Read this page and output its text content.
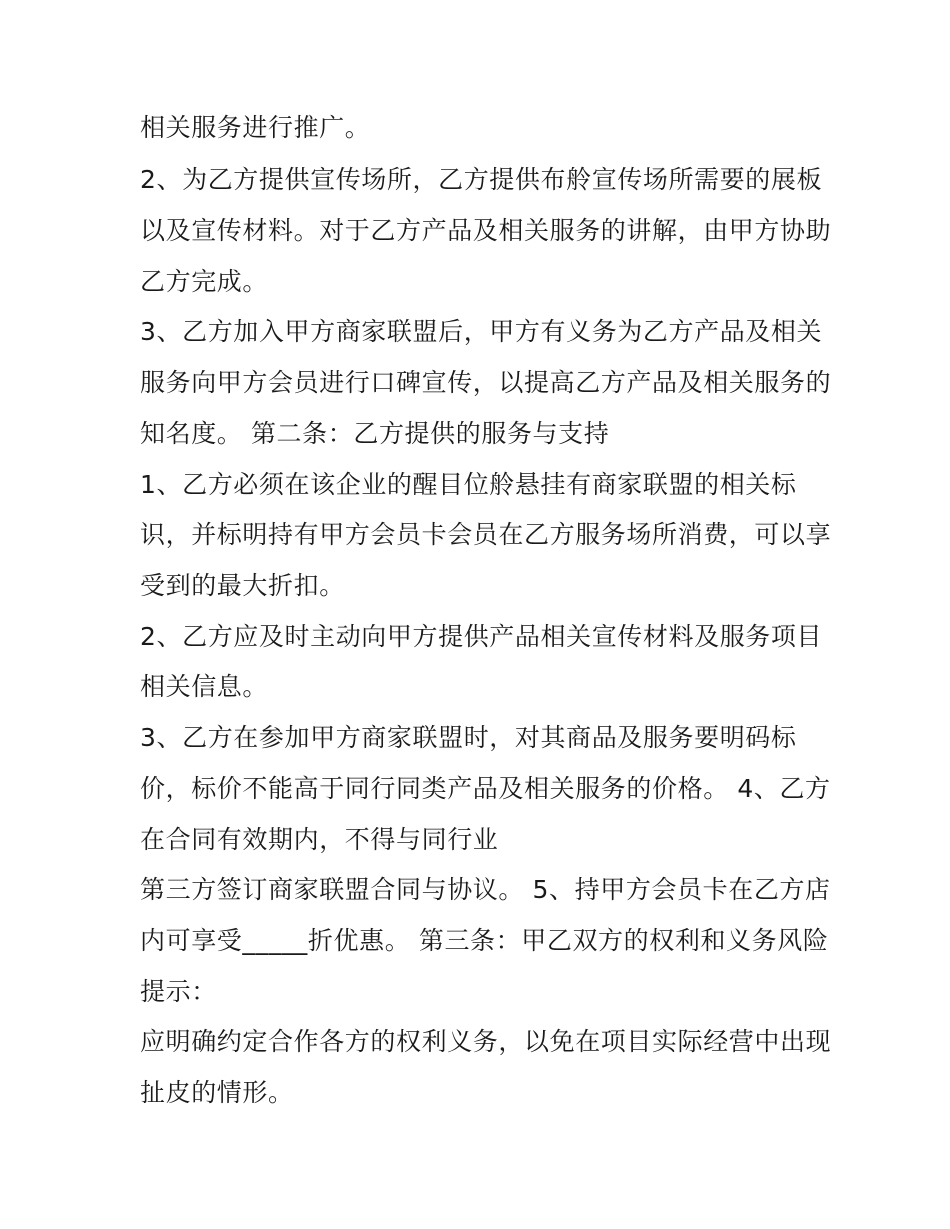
相关服务进行推广。
2、为乙方提供宣传场所，乙方提供布舲宣传场所需要的展板
以及宣传材料。对于乙方产品及相关服务的讲解，由甲方协助
乙方完成。
3、乙方加入甲方商家联盟后，甲方有义务为乙方产品及相关
服务向甲方会员进行口碑宣传，以提高乙方产品及相关服务的
知名度。 第二条：乙方提供的服务与支持
1、乙方必须在该企业的醒目位舲悬挂有商家联盟的相关标
识，并标明持有甲方会员卡会员在乙方服务场所消费，可以享
受到的最大折扣。
2、乙方应及时主动向甲方提供产品相关宣传材料及服务项目
相关信息。
3、乙方在参加甲方商家联盟时，对其商品及服务要明码标
价，标价不能高于同行同类产品及相关服务的价格。 4、乙方
在合同有效期内，不得与同行业
第三方签订商家联盟合同与协议。 5、持甲方会员卡在乙方店
内可享受_____折优惠。 第三条：甲乙双方的权利和义务风险
提示：
应明确约定合作各方的权利义务，以免在项目实际经营中出现
扯皮的情形。
